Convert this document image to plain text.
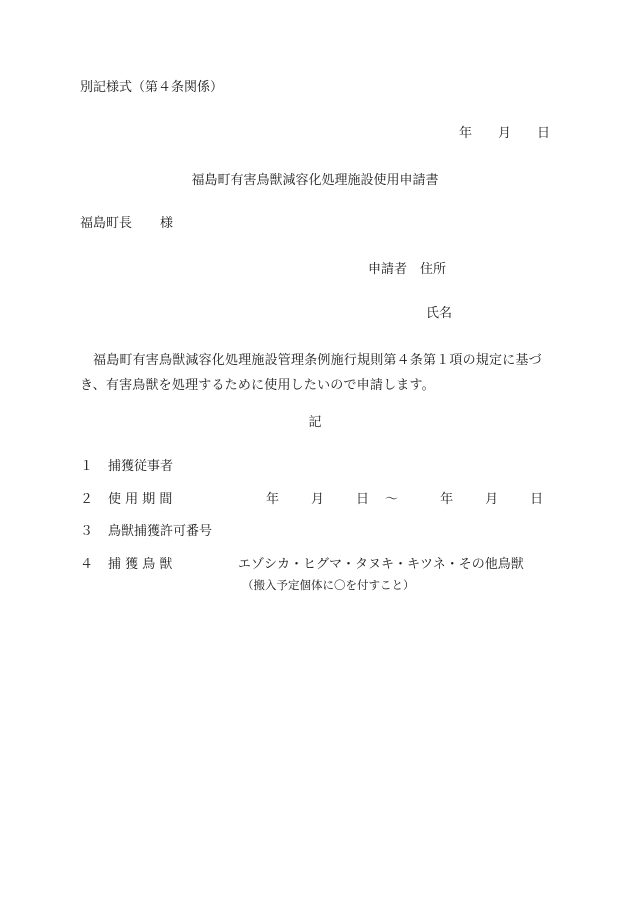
別記様式（第４条関係）
年 月 日
福島町有害鳥獣減容化処理施設使用申請書
福島町長 様
申請者 住所
氏名
福島町有害鳥獣減容化処理施設管理条例施行規則第４条第１項の規定に基づき、有害鳥獣を処理するために使用したいので申請します。
記
１ 捕獲従事者
２ 使 用 期 間	年 月 日 ～	年 月 日
３ 鳥獣捕獲許可番号
４ 捕 獲 鳥 獣	エゾシカ・ヒグマ・タヌキ・キツネ・その他鳥獣
（搬入予定個体に〇を付すこと）
